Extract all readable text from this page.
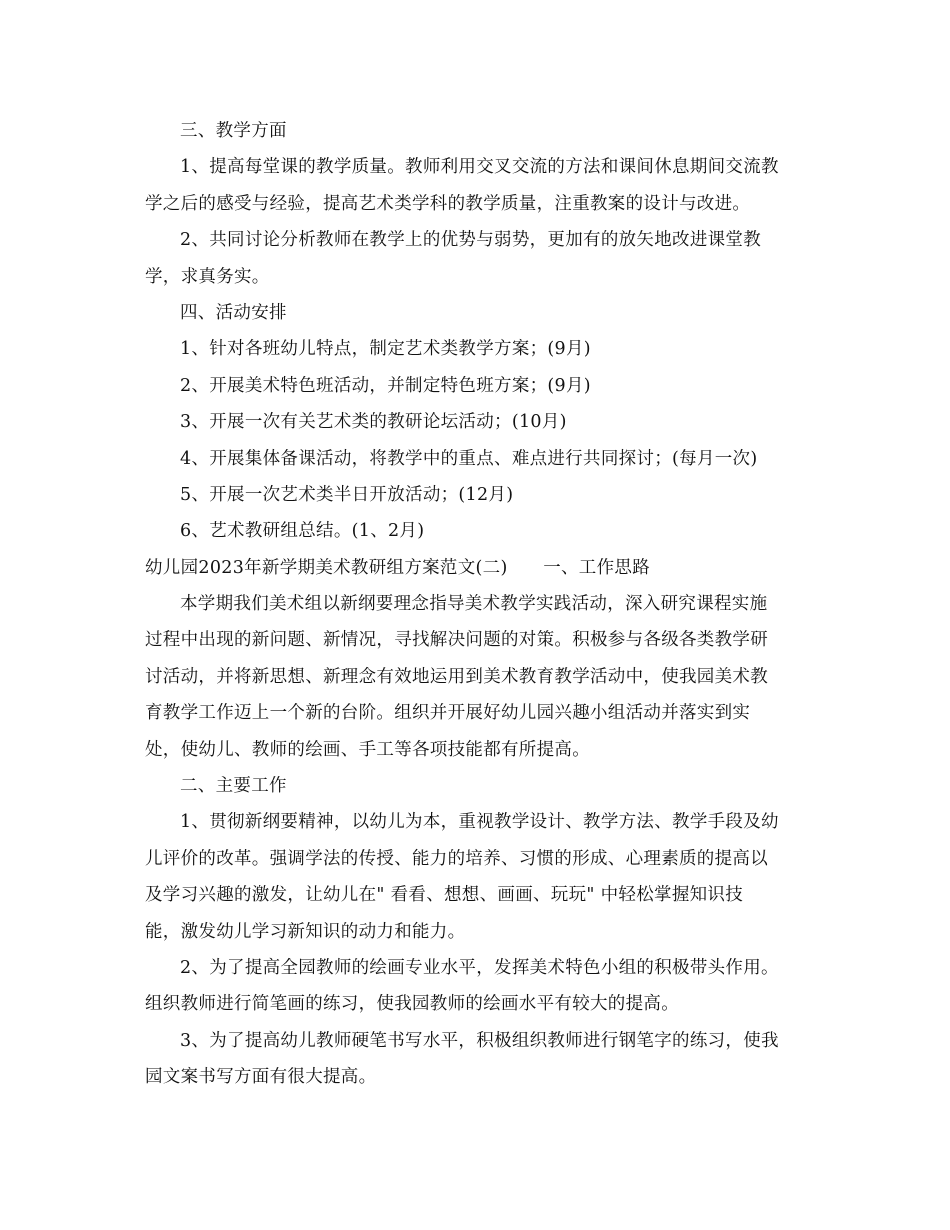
三、教学方面
1、提高每堂课的教学质量。教师利用交叉交流的方法和课间休息期间交流教
学之后的感受与经验，提高艺术类学科的教学质量，注重教案的设计与改进。
2、共同讨论分析教师在教学上的优势与弱势，更加有的放矢地改进课堂教
学，求真务实。
四、活动安排
1、针对各班幼儿特点，制定艺术类教学方案；(9月)
2、开展美术特色班活动，并制定特色班方案；(9月)
3、开展一次有关艺术类的教研论坛活动；(10月)
4、开展集体备课活动，将教学中的重点、难点进行共同探讨；(每月一次)
5、开展一次艺术类半日开放活动；(12月)
6、艺术教研组总结。(1、2月)
幼儿园2023年新学期美术教研组方案范文(二)　　一、工作思路
本学期我们美术组以新纲要理念指导美术教学实践活动，深入研究课程实施
过程中出现的新问题、新情况，寻找解决问题的对策。积极参与各级各类教学研
讨活动，并将新思想、新理念有效地运用到美术教育教学活动中，使我园美术教
育教学工作迈上一个新的台阶。组织并开展好幼儿园兴趣小组活动并落实到实
处，使幼儿、教师的绘画、手工等各项技能都有所提高。
二、主要工作
1、贯彻新纲要精神，以幼儿为本，重视教学设计、教学方法、教学手段及幼
儿评价的改革。强调学法的传授、能力的培养、习惯的形成、心理素质的提高以
及学习兴趣的激发，让幼儿在" 看看、想想、画画、玩玩" 中轻松掌握知识技
能，激发幼儿学习新知识的动力和能力。
2、为了提高全园教师的绘画专业水平，发挥美术特色小组的积极带头作用。
组织教师进行简笔画的练习，使我园教师的绘画水平有较大的提高。
3、为了提高幼儿教师硬笔书写水平，积极组织教师进行钢笔字的练习，使我
园文案书写方面有很大提高。
